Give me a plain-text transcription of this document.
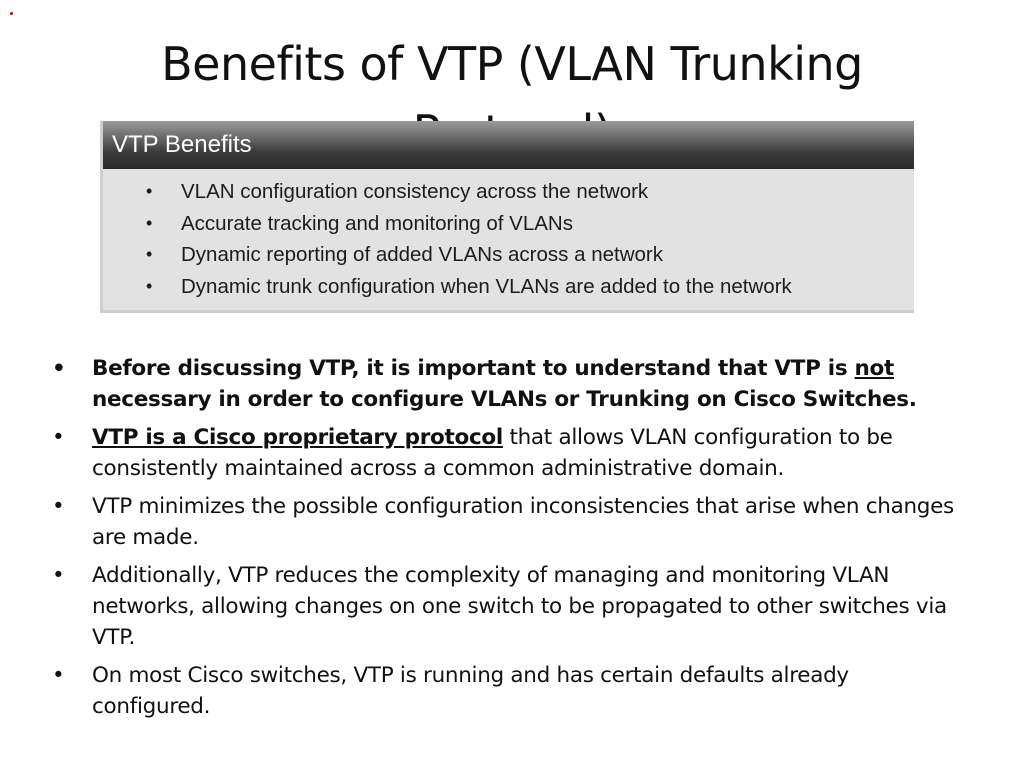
Benefits of VTP (VLAN Trunking
VTP Benefits
• VLAN configuration consistency across the network
• Accurate tracking and monitoring of VLANs
• Dynamic reporting of added VLANs across a network
• Dynamic trunk configuration when VLANs are added to the network
• Before discussing VTP, it is important to understand that VTP is not necessary in order to configure VLANs or Trunking on Cisco Switches.
• VTP is a Cisco proprietary protocol that allows VLAN configuration to be consistently maintained across a common administrative domain.
• VTP minimizes the possible configuration inconsistencies that arise when changes are made.
• Additionally, VTP reduces the complexity of managing and monitoring VLAN networks, allowing changes on one switch to be propagated to other switches via VTP.
• On most Cisco switches, VTP is running and has certain defaults already configured.
